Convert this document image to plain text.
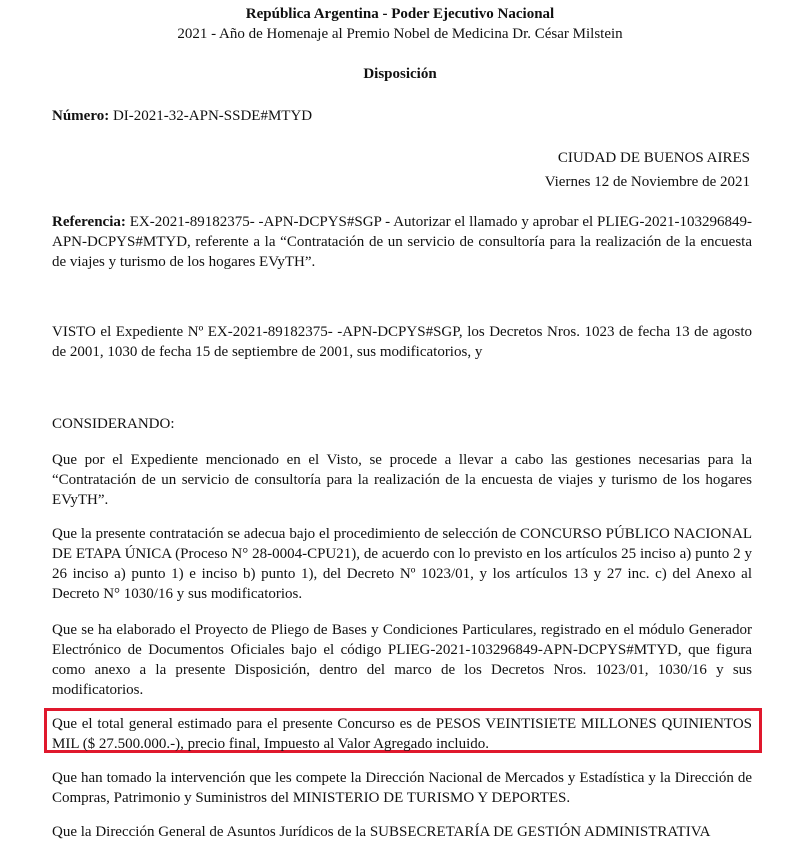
República Argentina - Poder Ejecutivo Nacional
2021 - Año de Homenaje al Premio Nobel de Medicina Dr. César Milstein
Disposición
Número: DI-2021-32-APN-SSDE#MTYD
CIUDAD DE BUENOS AIRES
Viernes 12 de Noviembre de 2021

Referencia: EX-2021-89182375- -APN-DCPYS#SGP - Autorizar el llamado y aprobar el PLIEG-2021-103296849-APN-DCPYS#MTYD, referente a la “Contratación de un servicio de consultoría para la realización de la encuesta de viajes y turismo de los hogares EVyTH”.

VISTO el Expediente Nº EX-2021-89182375- -APN-DCPYS#SGP, los Decretos Nros. 1023 de fecha 13 de agosto de 2001, 1030 de fecha 15 de septiembre de 2001, sus modificatorios, y

CONSIDERANDO:

Que por el Expediente mencionado en el Visto, se procede a llevar a cabo las gestiones necesarias para la “Contratación de un servicio de consultoría para la realización de la encuesta de viajes y turismo de los hogares EVyTH”.

Que la presente contratación se adecua bajo el procedimiento de selección de CONCURSO PÚBLICO NACIONAL DE ETAPA ÚNICA (Proceso N° 28-0004-CPU21), de acuerdo con lo previsto en los artículos 25 inciso a) punto 2 y 26 inciso a) punto 1) e inciso b) punto 1), del Decreto Nº 1023/01, y los artículos 13 y 27 inc. c) del Anexo al Decreto N° 1030/16 y sus modificatorios.

Que se ha elaborado el Proyecto de Pliego de Bases y Condiciones Particulares, registrado en el módulo Generador Electrónico de Documentos Oficiales bajo el código PLIEG-2021-103296849-APN-DCPYS#MTYD, que figura como anexo a la presente Disposición, dentro del marco de los Decretos Nros. 1023/01, 1030/16 y sus modificatorios.

Que el total general estimado para el presente Concurso es de PESOS VEINTISIETE MILLONES QUINIENTOS MIL ($ 27.500.000.-), precio final, Impuesto al Valor Agregado incluido.

Que han tomado la intervención que les compete la Dirección Nacional de Mercados y Estadística y la Dirección de Compras, Patrimonio y Suministros del MINISTERIO DE TURISMO Y DEPORTES.

Que la Dirección General de Asuntos Jurídicos de la SUBSECRETARÍA DE GESTIÓN ADMINISTRATIVA
